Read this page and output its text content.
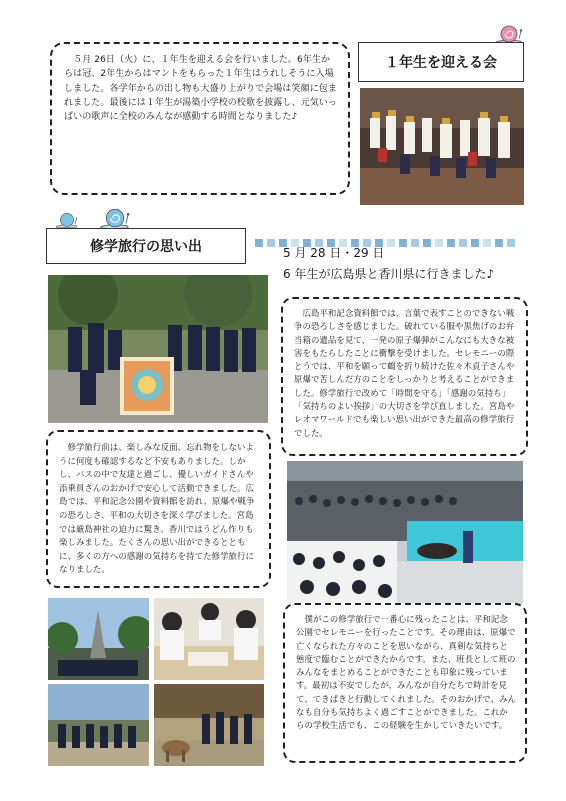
　５月 26日（火）に、１年生を迎える会を行いました。6年生からは冠、2年生からはマントをもらった１年生はうれしそうに入場しました。各学年からの出し物も大盛り上がりで会場は笑顔に包まれました。最後には１年生が湯築小学校の校歌を披露し、元気いっぱいの歌声に全校のみんなが感動する時間となりました♪

１年生を迎える会
修学旅行の思い出	5 月 28 日・29 日
6 年生が広島県と香川県に行きました♪

　広島平和記念資料館では、言葉で表すことのできない戦争の恐ろしさを感じました。破れている服や黒焦げのお弁当箱の遺品を見て、一発の原子爆弾がこんなにも大きな被害をもたらしたことに衝撃を受けました。セレモニーの際とうでは、平和を願って鶴を折り続けた佐々木貞子さんや原爆で苦しんだ方のことをしっかりと考えることができました。修学旅行で改めて「時間を守る」「感謝の気持ち」「気持ちのよい挨拶」の大切さを学び直しました。宮島やレオマワールドでも楽しい思い出ができた最高の修学旅行でした。

　修学旅行前は、楽しみな反面、忘れ物をしないように何度も確認するなど不安もありました。しかし、バスの中で友達と過ごし、優しいガイドさんや添乗員さんのおかげで安心して活動できました。広島では、平和記念公園や資料館を訪れ、原爆や戦争の恐ろしさ、平和の大切さを深く学びました。宮島では厳島神社の迫力に驚き、香川ではうどん作りも楽しみました。たくさんの思い出ができるとともに、多くの方への感謝の気持ちを持てた修学旅行になりました。

　僕がこの修学旅行で一番心に残ったことは、平和記念公園でセレモニーを行ったことです。その理由は、原爆で亡くなられた方々のことを思いながら、真剣な気持ちと態度で臨むことができたからです。また、班長として班のみんなをまとめることができたことも印象に残っています。最初は不安でしたが、みんなが自分たちで時計を見て、てきぱきと行動してくれました。そのおかげで、みんなも自分も気持ちよく過ごすことができました。これからの学校生活でも、この経験を生かしていきたいです。
